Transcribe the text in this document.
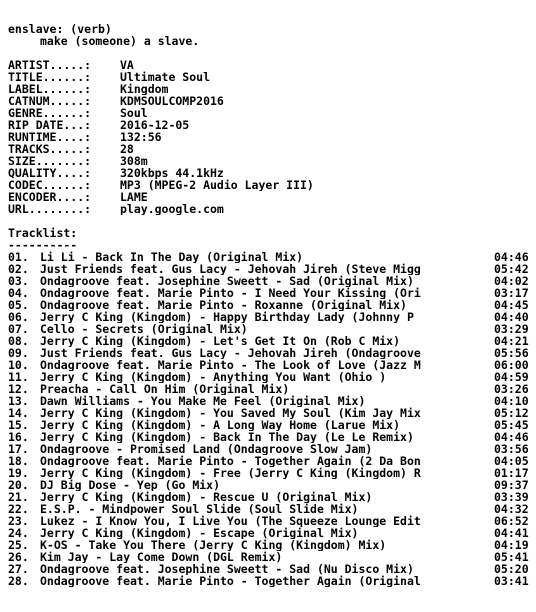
enslave: (verb)
make (someone) a slave.
ARTIST.....:	VA
TITLE......:	Ultimate Soul
LABEL......:	Kingdom
CATNUM.....:	KDMSOULCOMP2016
GENRE......:	Soul
RIP DATE...:	2016-12-05
RUNTIME....:	132:56
TRACKS.....:	28
SIZE.......:	308m
QUALITY....:	320kbps 44.1kHz
CODEC......:	MP3 (MPEG-2 Audio Layer III)
ENCODER....:	LAME
URL........:	play.google.com
Tracklist:
----------
01. Li Li - Back In The Day (Original Mix)	04:46
02. Just Friends feat. Gus Lacy - Jehovah Jireh (Steve Migg	05:42
03. Ondagroove feat. Josephine Sweett - Sad (Original Mix)	04:02
04. Ondagroove feat. Marie Pinto - I Need Your Kissing (Ori	03:17
05. Ondagroove feat. Marie Pinto - Roxanne (Original Mix)	04:45
06. Jerry C King (Kingdom) - Happy Birthday Lady (Johnny P	04:40
07. Cello - Secrets (Original Mix)	03:29
08. Jerry C King (Kingdom) - Let's Get It On (Rob C Mix)	04:21
09. Just Friends feat. Gus Lacy - Jehovah Jireh (Ondagroove	05:56
10. Ondagroove feat. Marie Pinto - The Look of Love (Jazz M	06:00
11. Jerry C King (Kingdom) - Anything You Want (Ohio )	04:59
12. Preacha - Call On Him (Original Mix)	03:26
13. Dawn Williams - You Make Me Feel (Original Mix)	04:10
14. Jerry C King (Kingdom) - You Saved My Soul (Kim Jay Mix	05:12
15. Jerry C King (Kingdom) - A Long Way Home (Larue Mix)	05:45
16. Jerry C King (Kingdom) - Back In The Day (Le Le Remix)	04:46
17. Ondagroove - Promised Land (Ondagroove Slow Jam)	03:56
18. Ondagroove feat. Marie Pinto - Together Again (2 Da Bon	04:05
19. Jerry C King (Kingdom) - Free (Jerry C King (Kingdom) R	01:17
20. DJ Big Dose - Yep (Go Mix)	09:37
21. Jerry C King (Kingdom) - Rescue U (Original Mix)	03:39
22. E.S.P. - Mindpower Soul Slide (Soul Slide Mix)	04:32
23. Lukez - I Know You, I Live You (The Squeeze Lounge Edit	06:52
24. Jerry C King (Kingdom) - Escape (Original Mix)	04:41
25. K-OS - Take You There (Jerry C King (Kingdom) Mix)	04:19
26. Kim Jay - Lay Come Down (DGL Remix)	05:41
27. Ondagroove feat. Josephine Sweett - Sad (Nu Disco Mix)	05:20
28. Ondagroove feat. Marie Pinto - Together Again (Original	03:41
